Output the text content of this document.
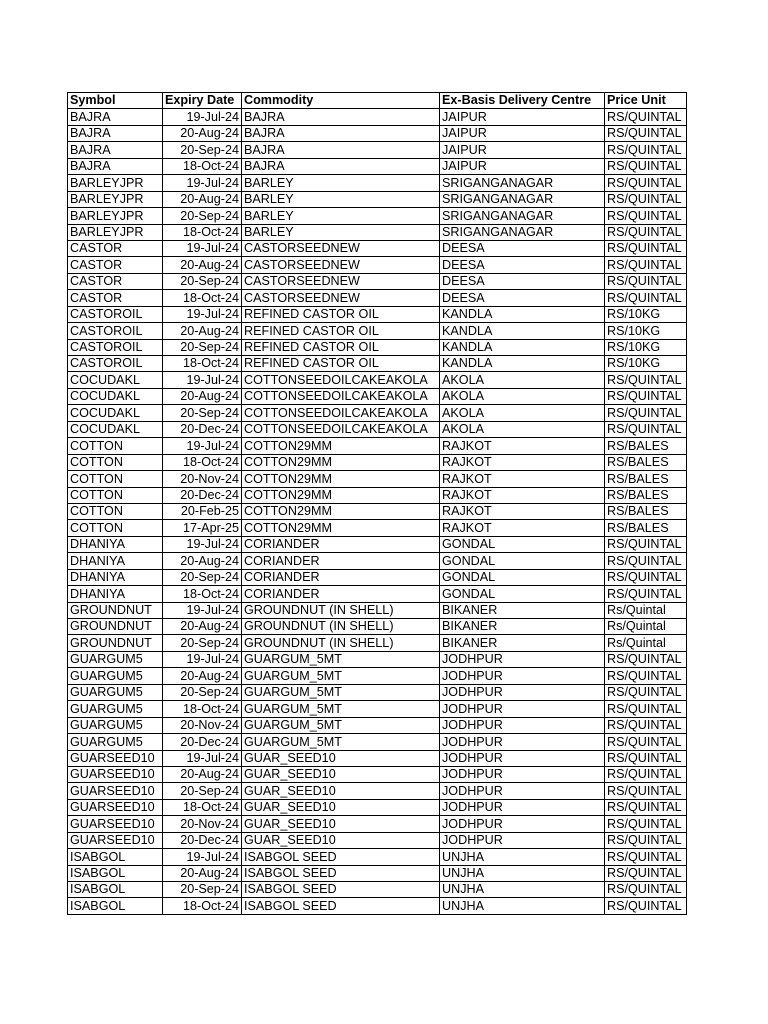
Symbol	Expiry Date	Commodity	Ex-Basis Delivery Centre	Price Unit
BAJRA	19-Jul-24	BAJRA	JAIPUR	RS/QUINTAL
BAJRA	20-Aug-24	BAJRA	JAIPUR	RS/QUINTAL
BAJRA	20-Sep-24	BAJRA	JAIPUR	RS/QUINTAL
BAJRA	18-Oct-24	BAJRA	JAIPUR	RS/QUINTAL
BARLEYJPR	19-Jul-24	BARLEY	SRIGANGANAGAR	RS/QUINTAL
BARLEYJPR	20-Aug-24	BARLEY	SRIGANGANAGAR	RS/QUINTAL
BARLEYJPR	20-Sep-24	BARLEY	SRIGANGANAGAR	RS/QUINTAL
BARLEYJPR	18-Oct-24	BARLEY	SRIGANGANAGAR	RS/QUINTAL
CASTOR	19-Jul-24	CASTORSEEDNEW	DEESA	RS/QUINTAL
CASTOR	20-Aug-24	CASTORSEEDNEW	DEESA	RS/QUINTAL
CASTOR	20-Sep-24	CASTORSEEDNEW	DEESA	RS/QUINTAL
CASTOR	18-Oct-24	CASTORSEEDNEW	DEESA	RS/QUINTAL
CASTOROIL	19-Jul-24	REFINED CASTOR OIL	KANDLA	RS/10KG
CASTOROIL	20-Aug-24	REFINED CASTOR OIL	KANDLA	RS/10KG
CASTOROIL	20-Sep-24	REFINED CASTOR OIL	KANDLA	RS/10KG
CASTOROIL	18-Oct-24	REFINED CASTOR OIL	KANDLA	RS/10KG
COCUDAKL	19-Jul-24	COTTONSEEDOILCAKEAKOLA	AKOLA	RS/QUINTAL
COCUDAKL	20-Aug-24	COTTONSEEDOILCAKEAKOLA	AKOLA	RS/QUINTAL
COCUDAKL	20-Sep-24	COTTONSEEDOILCAKEAKOLA	AKOLA	RS/QUINTAL
COCUDAKL	20-Dec-24	COTTONSEEDOILCAKEAKOLA	AKOLA	RS/QUINTAL
COTTON	19-Jul-24	COTTON29MM	RAJKOT	RS/BALES
COTTON	18-Oct-24	COTTON29MM	RAJKOT	RS/BALES
COTTON	20-Nov-24	COTTON29MM	RAJKOT	RS/BALES
COTTON	20-Dec-24	COTTON29MM	RAJKOT	RS/BALES
COTTON	20-Feb-25	COTTON29MM	RAJKOT	RS/BALES
COTTON	17-Apr-25	COTTON29MM	RAJKOT	RS/BALES
DHANIYA	19-Jul-24	CORIANDER	GONDAL	RS/QUINTAL
DHANIYA	20-Aug-24	CORIANDER	GONDAL	RS/QUINTAL
DHANIYA	20-Sep-24	CORIANDER	GONDAL	RS/QUINTAL
DHANIYA	18-Oct-24	CORIANDER	GONDAL	RS/QUINTAL
GROUNDNUT	19-Jul-24	GROUNDNUT (IN SHELL)	BIKANER	Rs/Quintal
GROUNDNUT	20-Aug-24	GROUNDNUT (IN SHELL)	BIKANER	Rs/Quintal
GROUNDNUT	20-Sep-24	GROUNDNUT (IN SHELL)	BIKANER	Rs/Quintal
GUARGUM5	19-Jul-24	GUARGUM_5MT	JODHPUR	RS/QUINTAL
GUARGUM5	20-Aug-24	GUARGUM_5MT	JODHPUR	RS/QUINTAL
GUARGUM5	20-Sep-24	GUARGUM_5MT	JODHPUR	RS/QUINTAL
GUARGUM5	18-Oct-24	GUARGUM_5MT	JODHPUR	RS/QUINTAL
GUARGUM5	20-Nov-24	GUARGUM_5MT	JODHPUR	RS/QUINTAL
GUARGUM5	20-Dec-24	GUARGUM_5MT	JODHPUR	RS/QUINTAL
GUARSEED10	19-Jul-24	GUAR_SEED10	JODHPUR	RS/QUINTAL
GUARSEED10	20-Aug-24	GUAR_SEED10	JODHPUR	RS/QUINTAL
GUARSEED10	20-Sep-24	GUAR_SEED10	JODHPUR	RS/QUINTAL
GUARSEED10	18-Oct-24	GUAR_SEED10	JODHPUR	RS/QUINTAL
GUARSEED10	20-Nov-24	GUAR_SEED10	JODHPUR	RS/QUINTAL
GUARSEED10	20-Dec-24	GUAR_SEED10	JODHPUR	RS/QUINTAL
ISABGOL	19-Jul-24	ISABGOL SEED	UNJHA	RS/QUINTAL
ISABGOL	20-Aug-24	ISABGOL SEED	UNJHA	RS/QUINTAL
ISABGOL	20-Sep-24	ISABGOL SEED	UNJHA	RS/QUINTAL
ISABGOL	18-Oct-24	ISABGOL SEED	UNJHA	RS/QUINTAL
